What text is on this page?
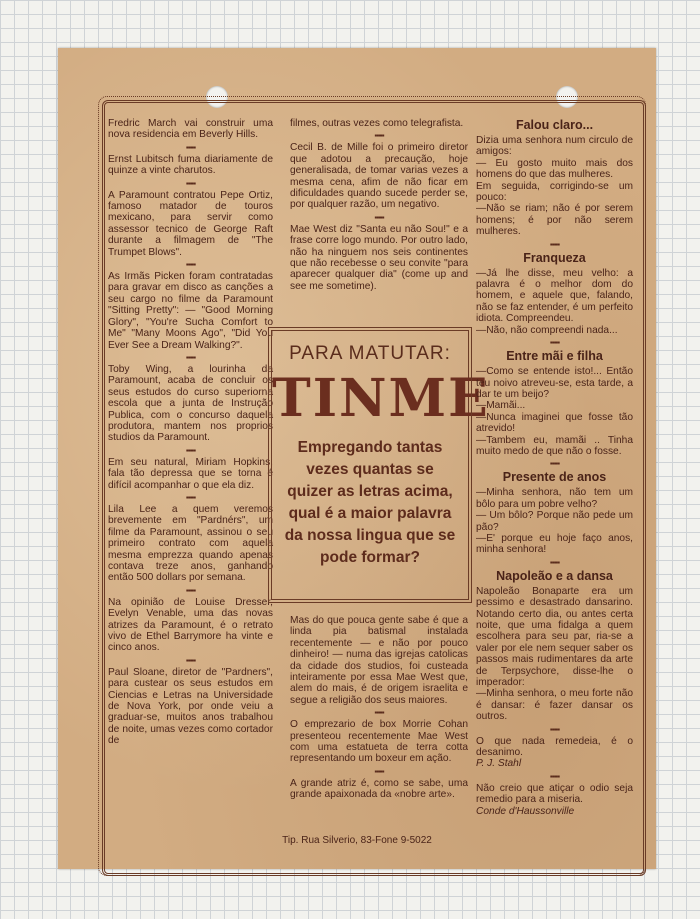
Fredric March vai construir uma nova residencia em Beverly Hills.

▪▪▪▪▪

Ernst Lubitsch fuma diariamente de quinze a vinte charutos.

▪▪▪▪▪

A Paramount contratou Pepe Ortiz, famoso matador de touros mexicano, para servir como assessor tecnico de George Raft durante a filmagem de "The Trumpet Blows".

▪▪▪▪▪

As Irmãs Picken foram contratadas para gravar em disco as canções a seu cargo no filme da Paramount "Sitting Pretty": — "Good Morning Glory", "You're Sucha Comfort to Me" "Many Moons Ago", "Did You Ever See a Dream Walking?".

▪▪▪▪▪

Toby Wing, a lourinha da Paramount, acaba de concluir os seus estudos do curso superiorna escola que a junta de Instrução Publica, com o concurso daquela produtora, mantem nos proprios studios da Paramount.

▪▪▪▪▪

Em seu natural, Miriam Hopkins, fala tão depressa que se torna é difícil acompanhar o que ela diz.

▪▪▪▪▪

Lila Lee a quem veremos brevemente em "Pardnérs", um filme da Paramount, assinou o seu primeiro contrato com aquela mesma emprezza quando apenas contava treze anos, ganhando então 500 dollars por semana.

▪▪▪▪▪

Na opinião de Louise Dresser, Evelyn Venable, uma das novas atrizes da Paramount, é o retrato vivo de Ethel Barrymore ha vinte e cinco anos.

▪▪▪▪▪

Paul Sloane, diretor de "Pardners", para custear os seus estudos em Ciencias e Letras na Universidade de Nova York, por onde veiu a graduar-se, muitos anos trabalhou de noite, umas vezes como cortador de

filmes, outras vezes como telegrafista.

▪▪▪▪▪

Cecil B. de Mille foi o primeiro diretor que adotou a precaução, hoje generalisada, de tomar varias vezes a mesma cena, afim de não ficar em dificuldades quando sucede perder se, por qualquer razão, um negativo.

▪▪▪▪▪

Mae West diz "Santa eu não Sou!" e a frase corre logo mundo. Por outro lado, não ha ninguem nos seis continentes que não recebesse o seu convite "para aparecer qualquer dia" (come up and see me sometime).

PARA MATUTAR:
TINME
Empregando tantas vezes quantas se quizer as letras acima, qual é a maior palavra da nossa lingua que se pode formar?

Mas do que pouca gente sabe é que a linda pia batismal instalada recentemente — e não por pouco dinheiro! — numa das igrejas catolicas da cidade dos studios, foi custeada inteiramente por essa Mae West que, alem do mais, é de origem israelita e segue a religião dos seus maiores.

▪▪▪▪▪

O emprezario de box Morrie Cohan presenteou recentemente Mae West com uma estatueta de terra cotta representando um boxeur em ação.

▪▪▪▪▪

A grande atriz é, como se sabe, uma grande apaixonada da «nobre arte».

Falou claro...

Dizia uma senhora num circulo de amigos:

— Eu gosto muito mais dos homens do que das mulheres.

Em seguida, corrigindo-se um pouco:

—Não se riam; não é por serem homens; é por não serem mulheres.

▪▪▪▪▪
Franqueza

—Já lhe disse, meu velho: a palavra é o melhor dom do homem, e aquele que, falando, não se faz entender, é um perfeito idiota. Compreendeu.

—Não, não compreendi nada...

▪▪▪▪▪
Entre mãi e filha

—Como se entende isto!... Então teu noivo atreveu-se, esta tarde, a dar te um beijo?

—Mamãi...

—Nunca imaginei que fosse tão atrevido!

—Tambem eu, mamãi .. Tinha muito medo de que não o fosse.

▪▪▪▪▪
Presente de anos

—Minha senhora, não tem um bôlo para um pobre velho?

— Um bôlo? Porque não pede um pão?

—E' porque eu hoje faço anos, minha senhora!

▪▪▪▪▪
Napoleão e a dansa

Napoleão Bonaparte era um pessimo e desastrado dansarino. Notando certo dia, ou antes certa noite, que uma fidalga a quem escolhera para seu par, ria-se a valer por ele nem sequer saber os passos mais rudimentares da arte de Terpsychore, disse-lhe o imperador:

—Minha senhora, o meu forte não é dansar: é fazer dansar os outros.

▪▪▪▪▪

O que nada remedeia, é o desanimo.

P. J. Stahl

▪▪▪▪▪

Não creio que atiçar o odio seja remedio para a miseria.

Conde d'Haussonville

Tip. Rua Silverio, 83-Fone 9-5022
